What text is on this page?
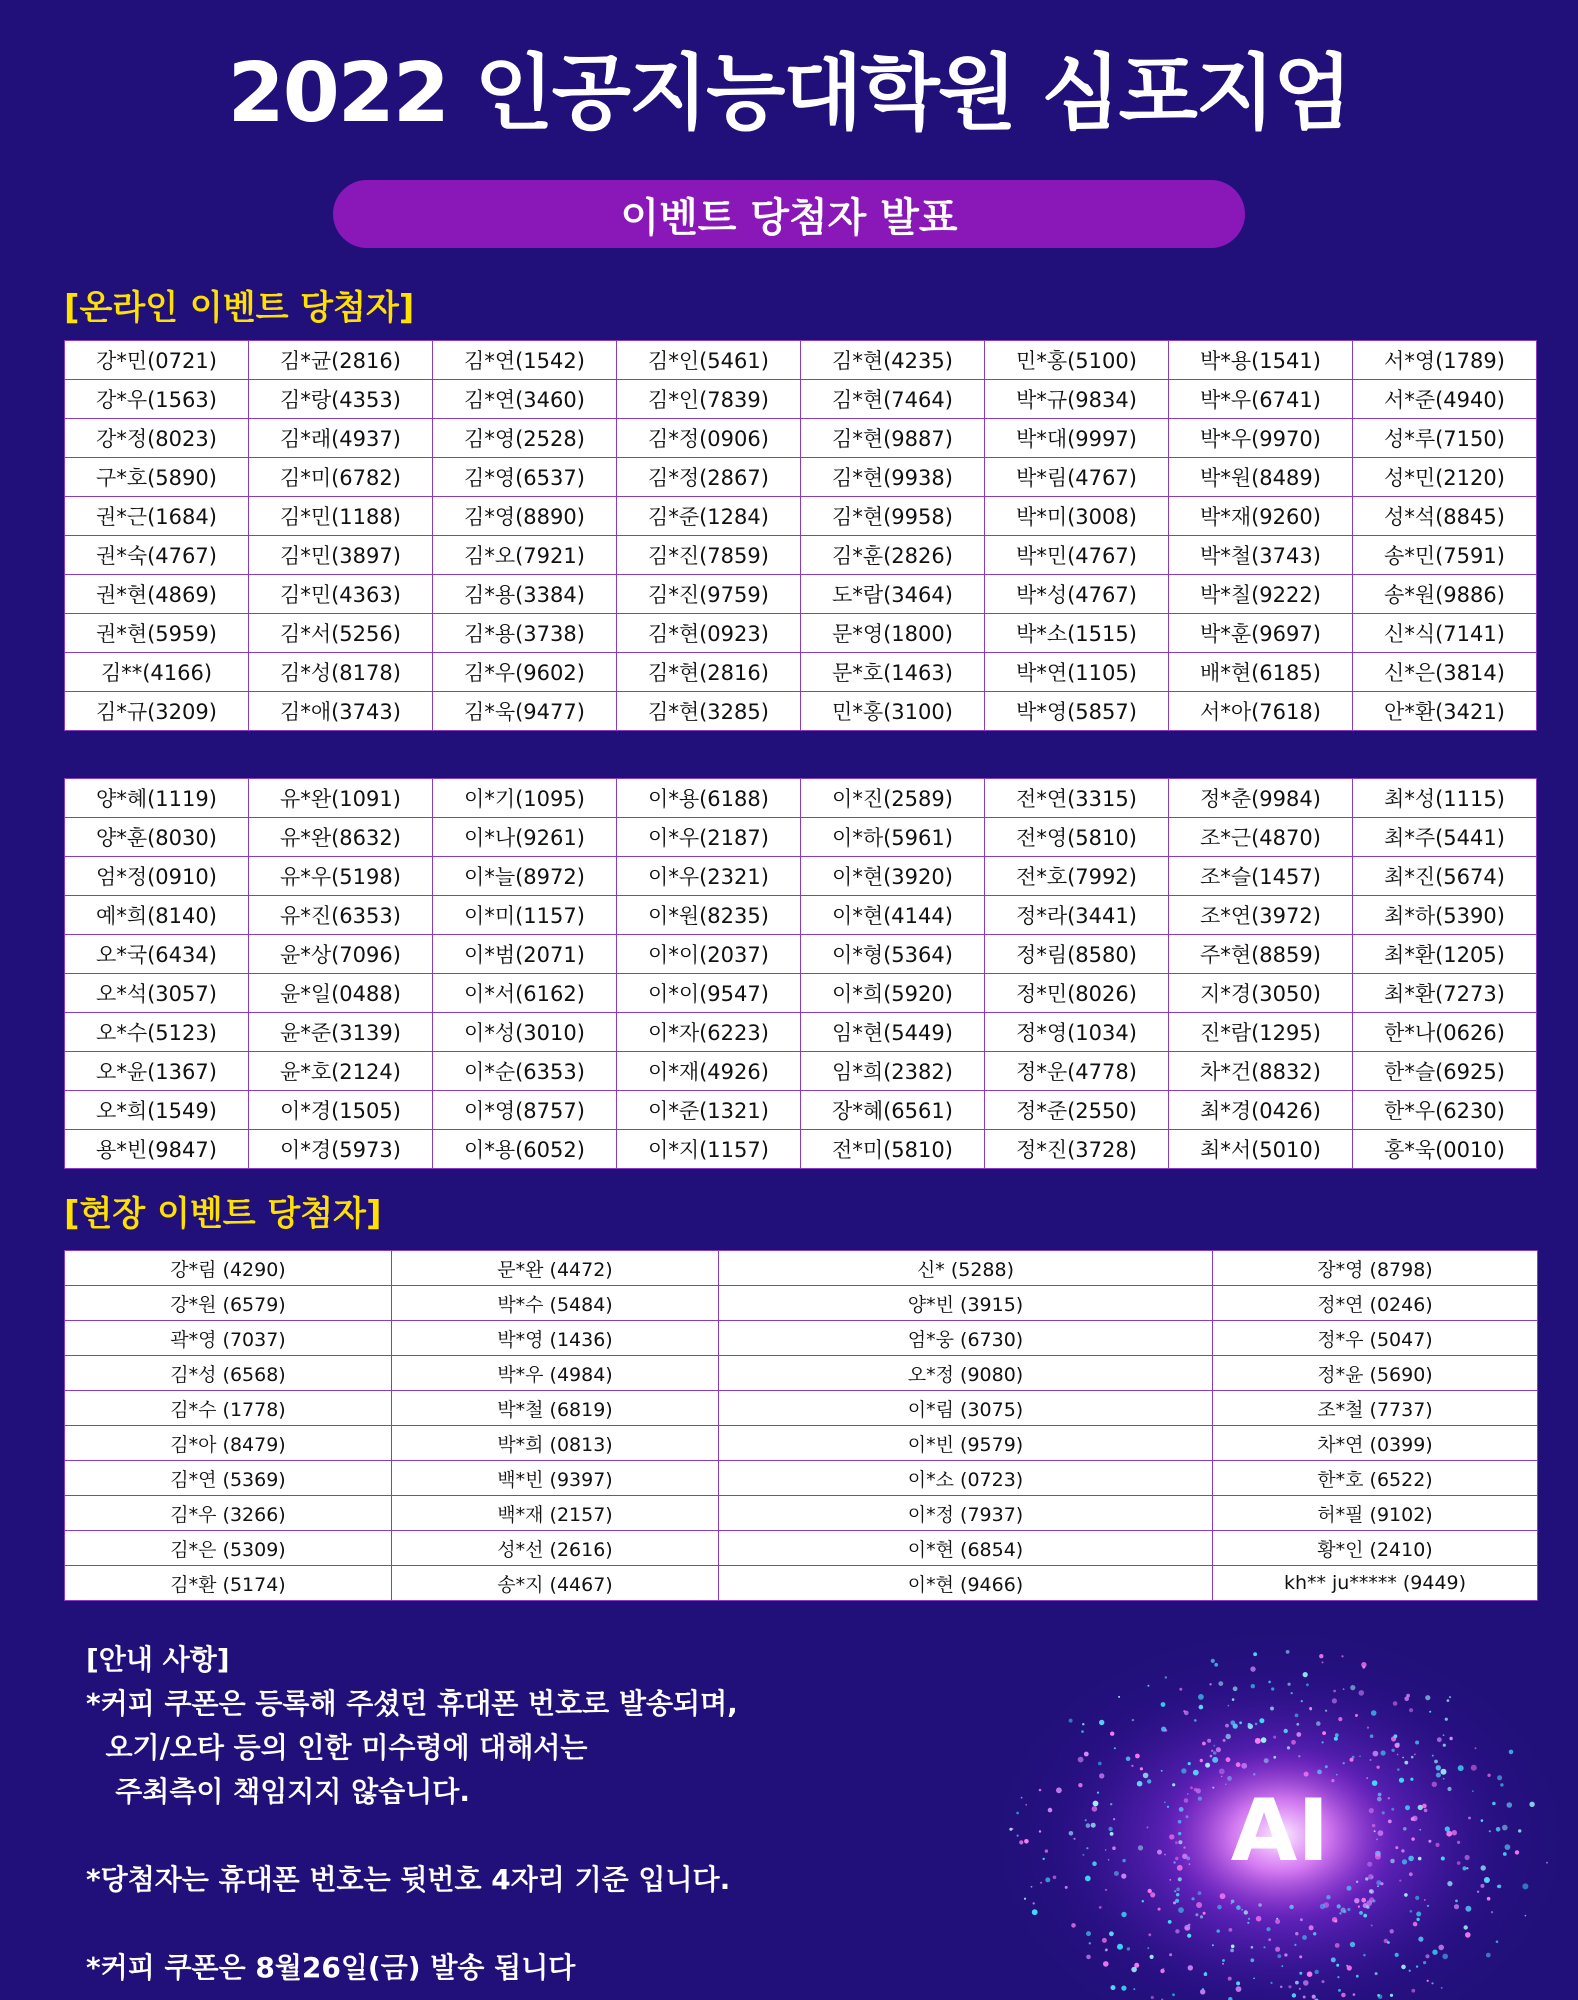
2022 인공지능대학원 심포지엄
이벤트 당첨자 발표
[온라인 이벤트 당첨자]
강*민(0721)	김*균(2816)	김*연(1542)	김*인(5461)	김*현(4235)	민*홍(5100)	박*용(1541)	서*영(1789)
강*우(1563)	김*랑(4353)	김*연(3460)	김*인(7839)	김*현(7464)	박*규(9834)	박*우(6741)	서*준(4940)
강*정(8023)	김*래(4937)	김*영(2528)	김*정(0906)	김*현(9887)	박*대(9997)	박*우(9970)	성*루(7150)
구*호(5890)	김*미(6782)	김*영(6537)	김*정(2867)	김*현(9938)	박*림(4767)	박*원(8489)	성*민(2120)
권*근(1684)	김*민(1188)	김*영(8890)	김*준(1284)	김*현(9958)	박*미(3008)	박*재(9260)	성*석(8845)
권*숙(4767)	김*민(3897)	김*오(7921)	김*진(7859)	김*훈(2826)	박*민(4767)	박*철(3743)	송*민(7591)
권*현(4869)	김*민(4363)	김*용(3384)	김*진(9759)	도*람(3464)	박*성(4767)	박*칠(9222)	송*원(9886)
권*현(5959)	김*서(5256)	김*용(3738)	김*현(0923)	문*영(1800)	박*소(1515)	박*훈(9697)	신*식(7141)
김**(4166)	김*성(8178)	김*우(9602)	김*현(2816)	문*호(1463)	박*연(1105)	배*현(6185)	신*은(3814)
김*규(3209)	김*애(3743)	김*욱(9477)	김*현(3285)	민*홍(3100)	박*영(5857)	서*아(7618)	안*환(3421)
양*혜(1119)	유*완(1091)	이*기(1095)	이*용(6188)	이*진(2589)	전*연(3315)	정*춘(9984)	최*성(1115)
양*훈(8030)	유*완(8632)	이*나(9261)	이*우(2187)	이*하(5961)	전*영(5810)	조*근(4870)	최*주(5441)
엄*정(0910)	유*우(5198)	이*늘(8972)	이*우(2321)	이*현(3920)	전*호(7992)	조*슬(1457)	최*진(5674)
예*희(8140)	유*진(6353)	이*미(1157)	이*원(8235)	이*현(4144)	정*라(3441)	조*연(3972)	최*하(5390)
오*국(6434)	윤*상(7096)	이*범(2071)	이*이(2037)	이*형(5364)	정*림(8580)	주*현(8859)	최*환(1205)
오*석(3057)	윤*일(0488)	이*서(6162)	이*이(9547)	이*희(5920)	정*민(8026)	지*경(3050)	최*환(7273)
오*수(5123)	윤*준(3139)	이*성(3010)	이*자(6223)	임*현(5449)	정*영(1034)	진*람(1295)	한*나(0626)
오*윤(1367)	윤*호(2124)	이*순(6353)	이*재(4926)	임*희(2382)	정*운(4778)	차*건(8832)	한*슬(6925)
오*희(1549)	이*경(1505)	이*영(8757)	이*준(1321)	장*혜(6561)	정*준(2550)	최*경(0426)	한*우(6230)
용*빈(9847)	이*경(5973)	이*용(6052)	이*지(1157)	전*미(5810)	정*진(3728)	최*서(5010)	홍*욱(0010)
[현장 이벤트 당첨자]
강*림 (4290)	문*완 (4472)	신* (5288)	장*영 (8798)
강*원 (6579)	박*수 (5484)	양*빈 (3915)	정*연 (0246)
곽*영 (7037)	박*영 (1436)	엄*웅 (6730)	정*우 (5047)
김*성 (6568)	박*우 (4984)	오*정 (9080)	정*윤 (5690)
김*수 (1778)	박*철 (6819)	이*림 (3075)	조*철 (7737)
김*아 (8479)	박*희 (0813)	이*빈 (9579)	차*연 (0399)
김*연 (5369)	백*빈 (9397)	이*소 (0723)	한*호 (6522)
김*우 (3266)	백*재 (2157)	이*정 (7937)	허*필 (9102)
김*은 (5309)	성*선 (2616)	이*현 (6854)	황*인 (2410)
김*환 (5174)	송*지 (4467)	이*현 (9466)	kh** ju***** (9449)

[안내 사항]

*커피 쿠폰은 등록해 주셨던 휴대폰 번호로 발송되며,

오기/오타 등의 인한 미수령에 대해서는

주최측이 책임지지 않습니다.

*당첨자는 휴대폰 번호는 뒷번호 4자리 기준 입니다.

*커피 쿠폰은 8월26일(금) 발송 됩니다

AI
